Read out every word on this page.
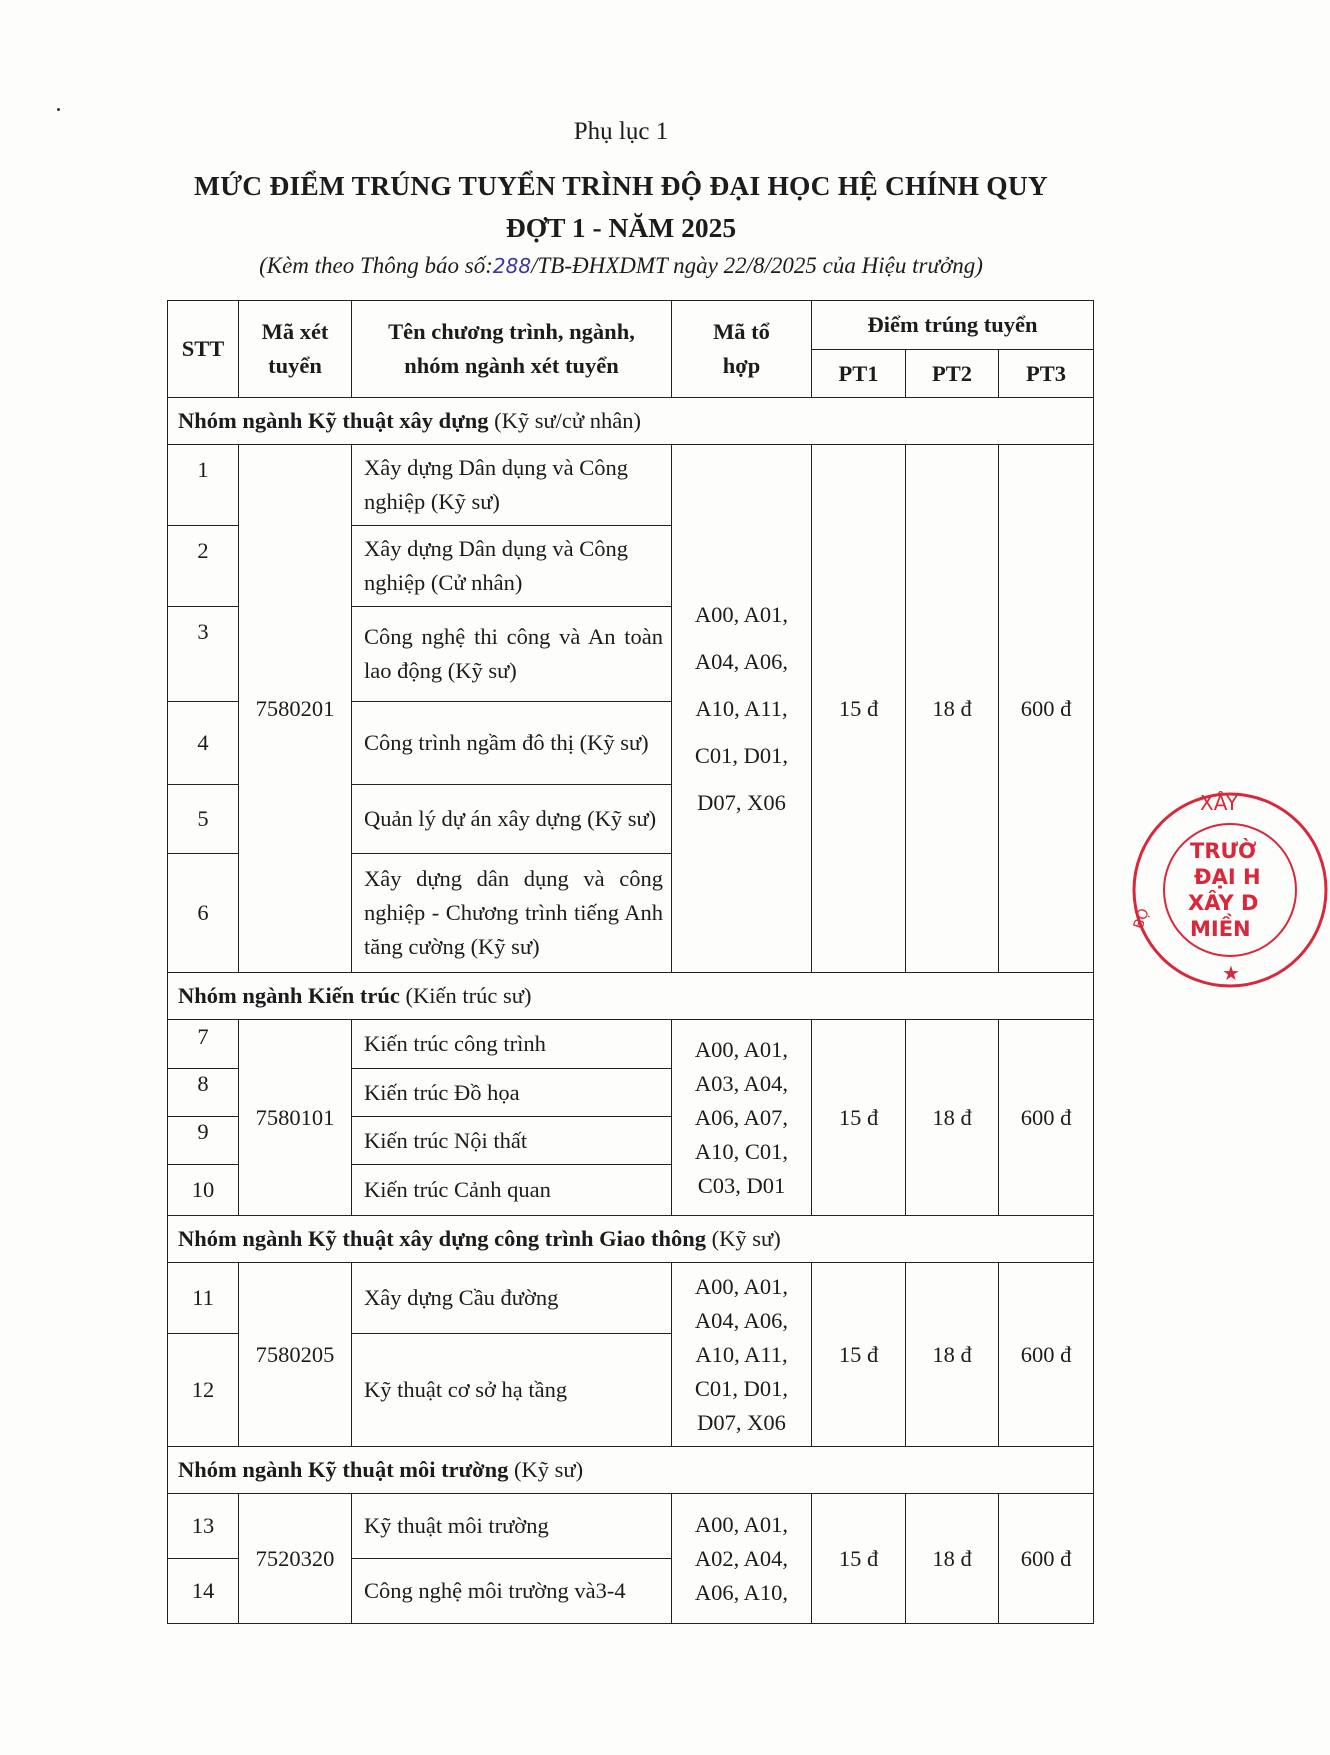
Phụ lục 1
MỨC ĐIỂM TRÚNG TUYỂN TRÌNH ĐỘ ĐẠI HỌC HỆ CHÍNH QUY
ĐỢT 1 - NĂM 2025
(Kèm theo Thông báo số:288/TB-ĐHXDMT ngày 22/8/2025 của Hiệu trưởng)
STT	Mã xét tuyển	Tên chương trình, ngành, nhóm ngành xét tuyển	Mã tổ hợp	Điểm trúng tuyển		
				PT1	PT2	PT3
Nhóm ngành Kỹ thuật xây dựng (Kỹ sư/cử nhân)						
1	7580201	Xây dựng Dân dụng và Công nghiệp (Kỹ sư)	A00, A01, A04, A06, A10, A11, C01, D01, D07, X06	15 đ	18 đ	600 đ
2		Xây dựng Dân dụng và Công nghiệp (Cử nhân)				
3		Công nghệ thi công và An toàn lao động (Kỹ sư)				

4		Công trình ngầm đô thị (Kỹ sư)				
5		Quản lý dự án xây dựng (Kỹ sư)				
6		Xây dựng dân dụng và công nghiệp - Chương trình tiếng Anh tăng cường (Kỹ sư)				

Nhóm ngành Kiến trúc (Kiến trúc sư)						
7	7580101	Kiến trúc công trình	A00, A01, A03, A04, A06, A07, A10, C01, C03, D01	15 đ	18 đ	600 đ
8		Kiến trúc Đồ họa				
9		Kiến trúc Nội thất				
10		Kiến trúc Cảnh quan				
Nhóm ngành Kỹ thuật xây dựng công trình Giao thông (Kỹ sư)						
11	7580205	Xây dựng Cầu đường	A00, A01, A04, A06, A10, A11, C01, D01, D07, X06	15 đ	18 đ	600 đ
12		Kỹ thuật cơ sở hạ tầng				
Nhóm ngành Kỹ thuật môi trường (Kỹ sư)						
13	7520320	Kỹ thuật môi trường	A00, A01, A02, A04, A06, A10,	15 đ	18 đ	600 đ
14		Công nghệ môi trường và3-4				
XÂY
BỘ
TRƯỜ
ĐẠI H
XÂY D
MIỀN
★
